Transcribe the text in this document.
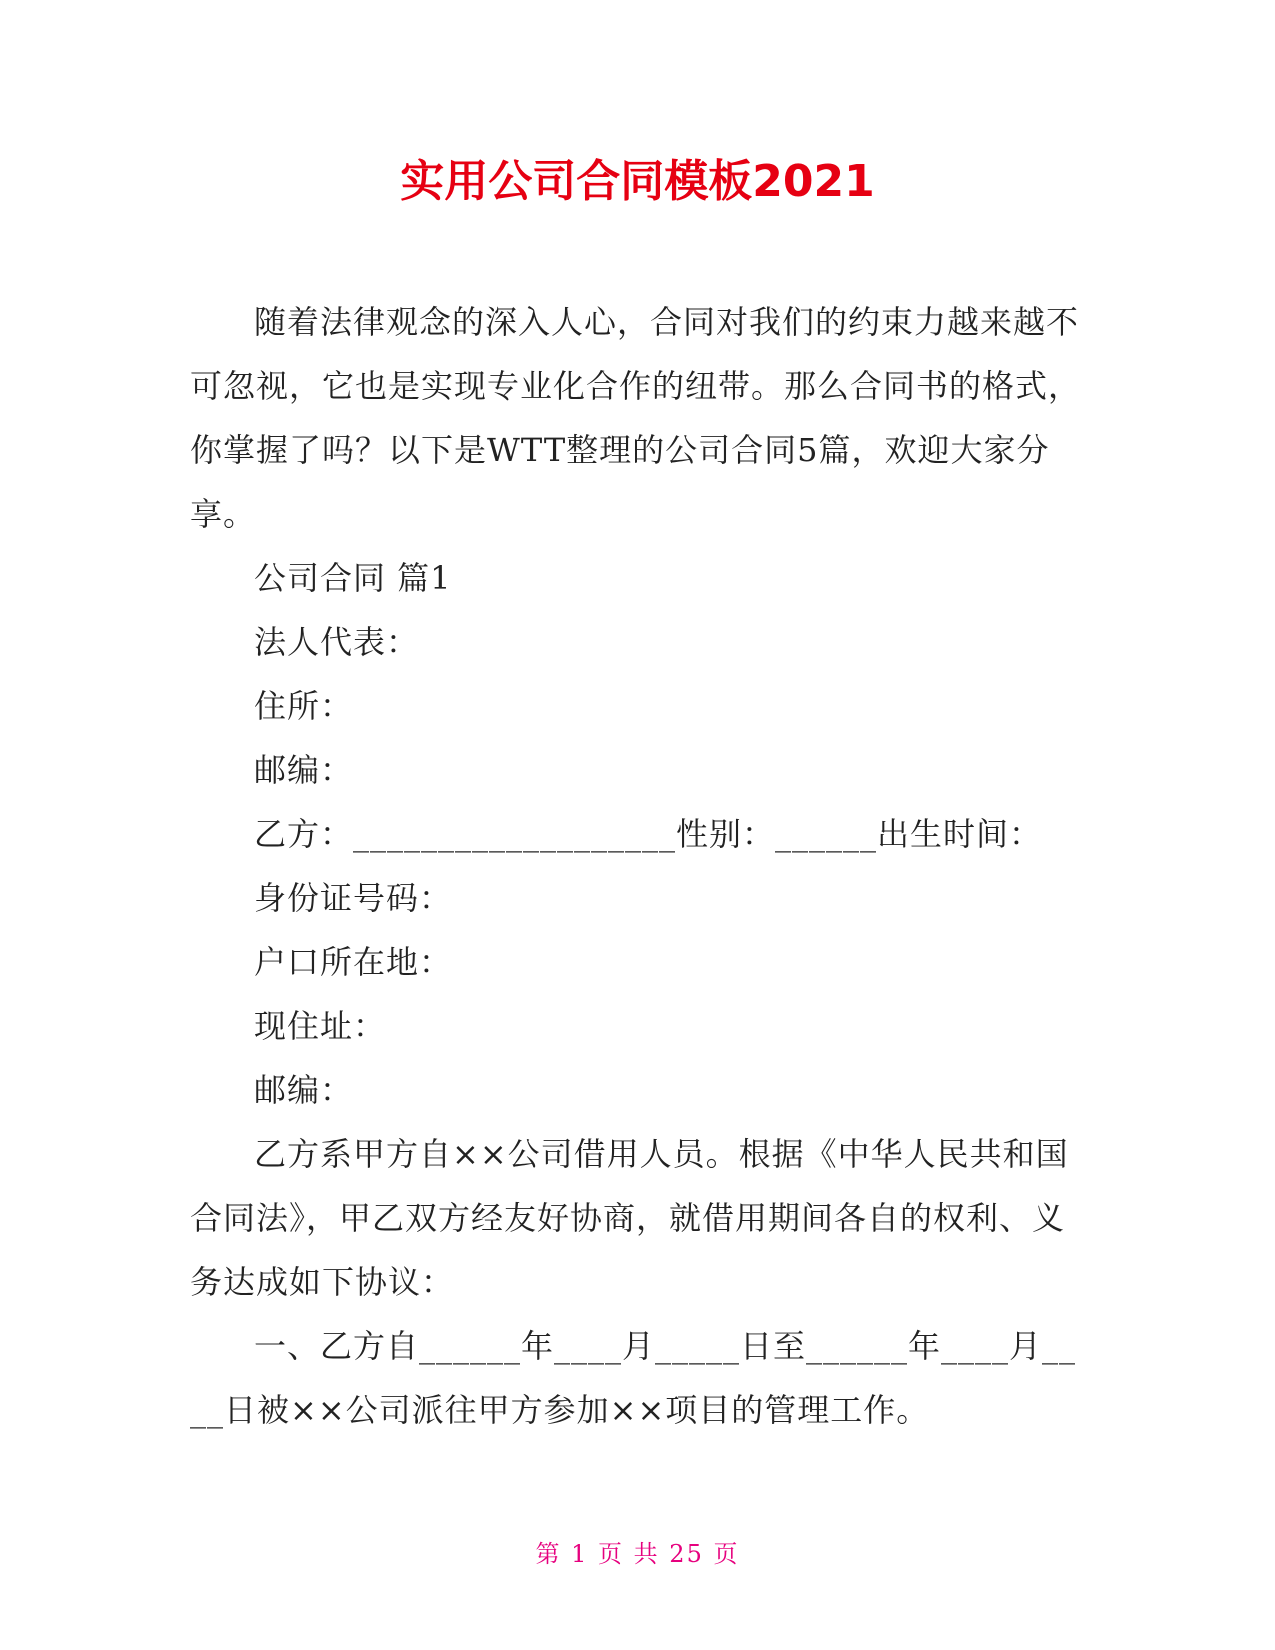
实用公司合同模板2021

随着法律观念的深入人心，合同对我们的约束力越来越不可忽视，它也是实现专业化合作的纽带。那么合同书的格式，你掌握了吗？以下是WTT整理的公司合同5篇，欢迎大家分享。

公司合同 篇1

法人代表：

住所：

邮编：

乙方：___________________性别：______出生时间：

身份证号码：

户口所在地：

现住址：

邮编：

乙方系甲方自××公司借用人员。根据《中华人民共和国合同法》，甲乙双方经友好协商，就借用期间各自的权利、义务达成如下协议：

一、乙方自______年____月_____日至______年____月____日被××公司派往甲方参加××项目的管理工作。

第 1 页 共 25 页
